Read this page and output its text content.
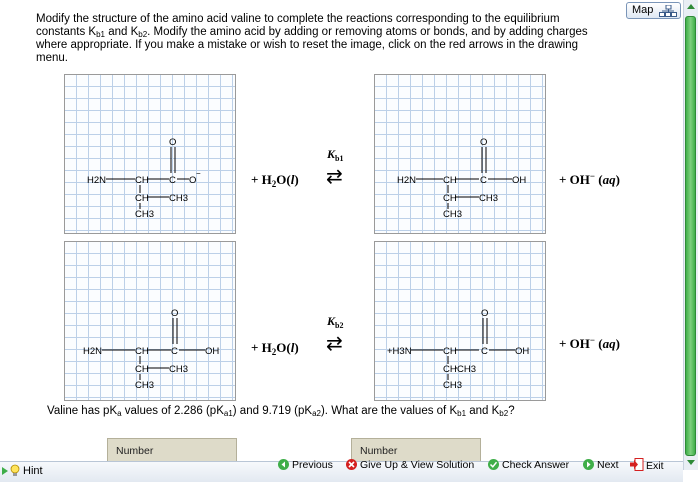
Modify the structure of the amino acid valine to complete the reactions corresponding to the equilibrium
constants $K_{b1}$ and $K_{b2}$. Modify the amino acid by adding or removing atoms or bonds, and by adding charges
where appropriate. If you make a mistake or wish to reset the image, click on the red arrows in the drawing
menu.
Map
H2N	CH C O
−
O
CH CH3
CH3
H2N	CH C	OH
O
CH CH3
CH3
H2N	CH C	OH
O
CH CH3
CH3
+H3N	CH	C	OH
O
CH CH3
CH3
+ $H_2O(l)$
$K_{b1}$
⇄	+ OH− (aq)
+ $H_2O(l)$
$K_{b2}$
⇄	+ OH− (aq)
Valine has $pK_a$ values of 2.286 $(pK_{a1})$ and 9.719 $(pK_{a2})$. What are the values of $K_{b1}$ and $K_{b2}$?
Number	Number
Hint	Previous	Give Up & View Solution	Check Answer	Next	Exit
